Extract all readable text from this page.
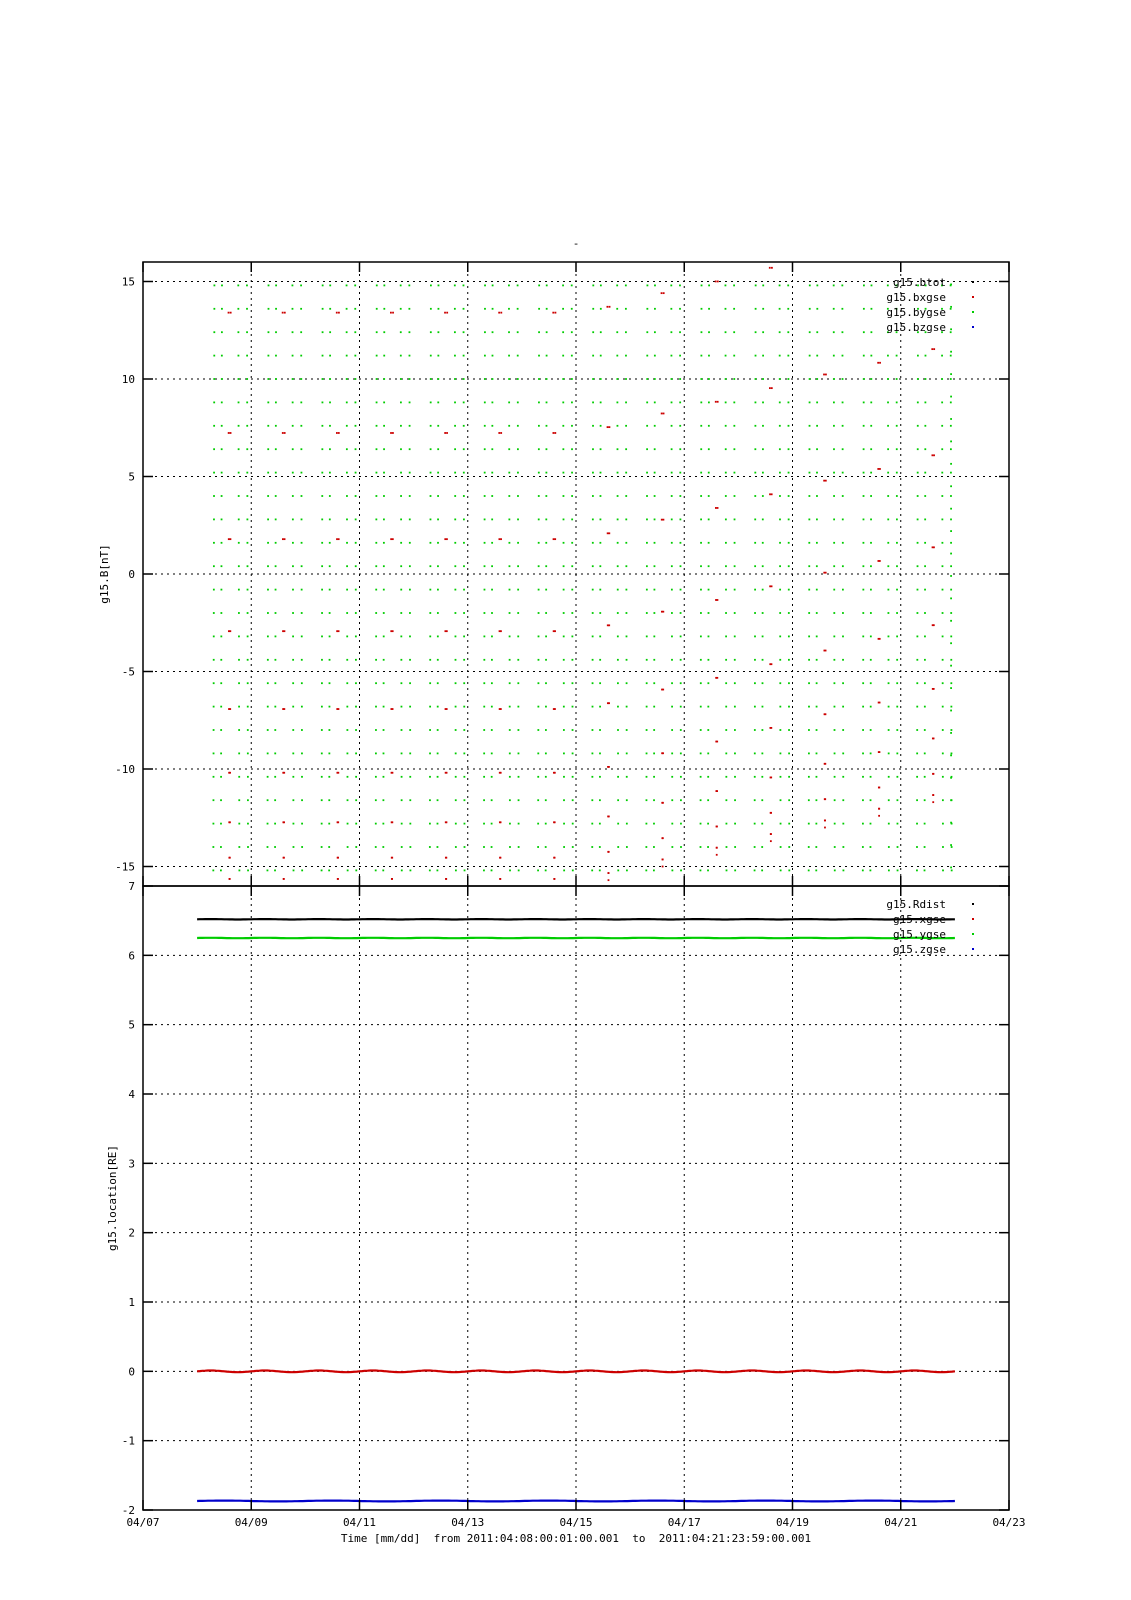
15
10
5
0
-5
-10
-15
7
6
5
4
3
2
1
0
-1
-2
04/07	04/09	04/11	04/13	04/15	04/17	04/19	04/21	04/23
-
g15.B[nT]
g15.location[RE]
Time [mm/dd]  from 2011:04:08:00:01:00.001  to  2011:04:21:23:59:00.001
g15.btot
g15.bxgse
g15.bygse
g15.bzgse
g15.Rdist
g15.xgse
g15.ygse
g15.zgse
